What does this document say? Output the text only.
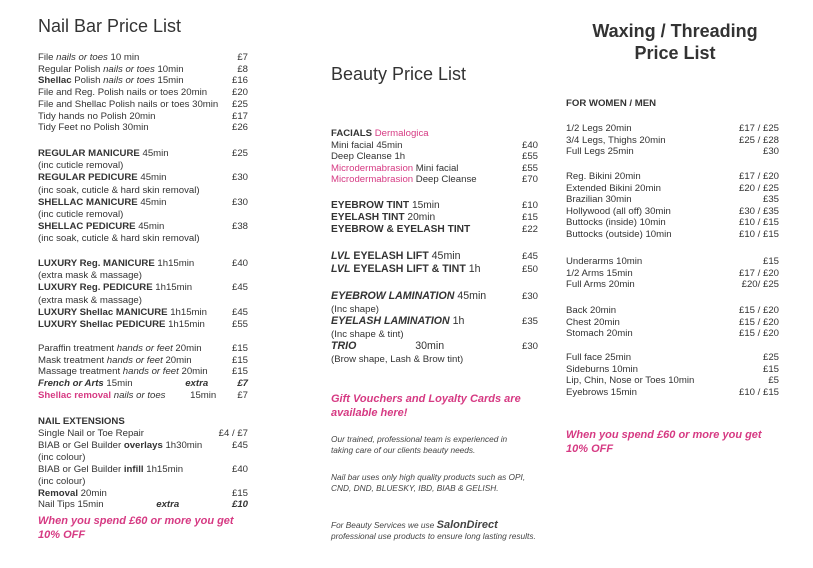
Nail Bar Price List
File nails or toes 10 min	£7
Regular Polish nails or toes 10min	£8
Shellac Polish nails or toes 15min	£16
File and Reg. Polish nails or toes 20min	£20
File and Shellac Polish nails or toes 30min £25
Tidy hands no Polish 20min	£17
Tidy Feet no Polish 30min	£26
REGULAR MANICURE 45min	£25
(inc cuticle removal)
REGULAR PEDICURE 45min	£30
(inc soak, cuticle & hard skin removal)
SHELLAC MANICURE 45min	£30
(inc cuticle removal)
SHELLAC PEDICURE 45min	£38
(inc soak, cuticle & hard skin removal)
LUXURY Reg. MANICURE 1h15min	£40
(extra mask & massage)
LUXURY Reg. PEDICURE 1h15min	£45
(extra mask & massage)
LUXURY Shellac MANICURE 1h15min	£45
LUXURY Shellac PEDICURE 1h15min	£55
Paraffin treatment hands or feet 20min	£15
Mask treatment hands or feet 20min	£15
Massage treatment hands or feet 20min	£15
French or Arts 15min	extra	£7
Shellac removal nails or toes	15min £7
Single Nail or Toe Repair	£4 / £7
BIAB or Gel Builder overlays 1h30min	£45
(inc colour)
BIAB or Gel Builder infill 1h15min	£40
(inc colour)
Removal 20min	£15
Nail Tips 15min	extra	£10
NAIL EXTENSIONS
When you spend £60 or more you get 10% OFF
Beauty Price List
FACIALS Dermalogica
Mini facial 45min	£40
Deep Cleanse 1h	£55
Microdermabrasion Mini facial	£55
Microdermabrasion Deep Cleanse	£70
EYEBROW TINT 15min	£10
EYELASH TINT 20min	£15
EYEBROW & EYELASH TINT	£22
LVL EYELASH LIFT 45min	£45
LVL EYELASH LIFT & TINT 1h	£50
EYEBROW LAMINATION 45min	£30
(Inc shape)
EYELASH LAMINATION 1h	£35
(Inc shape & tint)
TRIO	30min	£30
(Brow shape, Lash & Brow tint)
Gift Vouchers and Loyalty Cards are available here!
Our trained, professional team is experienced in taking care of our clients beauty needs.
Nail bar uses only high quality products such as OPI, CND, DND, BLUESKY, IBD, BIAB & GELISH.
For Beauty Services we use SalonDirect professional use products to ensure long lasting results.
Waxing / Threading
Price List
FOR WOMEN / MEN
1/2 Legs 20min	£17 / £25
3/4 Legs, Thighs 20min	£25 / £28
Full Legs 25min	£30
Reg. Bikini 20min	£17 / £20
Extended Bikini 20min	£20 / £25
Brazilian 30min	£35
Hollywood (all off) 30min	£30 / £35
Buttocks (inside) 10min	£10 / £15
Buttocks (outside) 10min	£10 / £15
Underarms 10min	£15
1/2 Arms 15min	£17 / £20
Full Arms 20min	£20/ £25
Back 20min	£15 / £20
Chest 20min	£15 / £20
Stomach 20min	£15 / £20
Full face 25min	£25
Sideburns 10min	£15
Lip, Chin, Nose or Toes 10min	£5
Eyebrows 15min	£10 / £15
When you spend £60 or more you get 10% OFF
